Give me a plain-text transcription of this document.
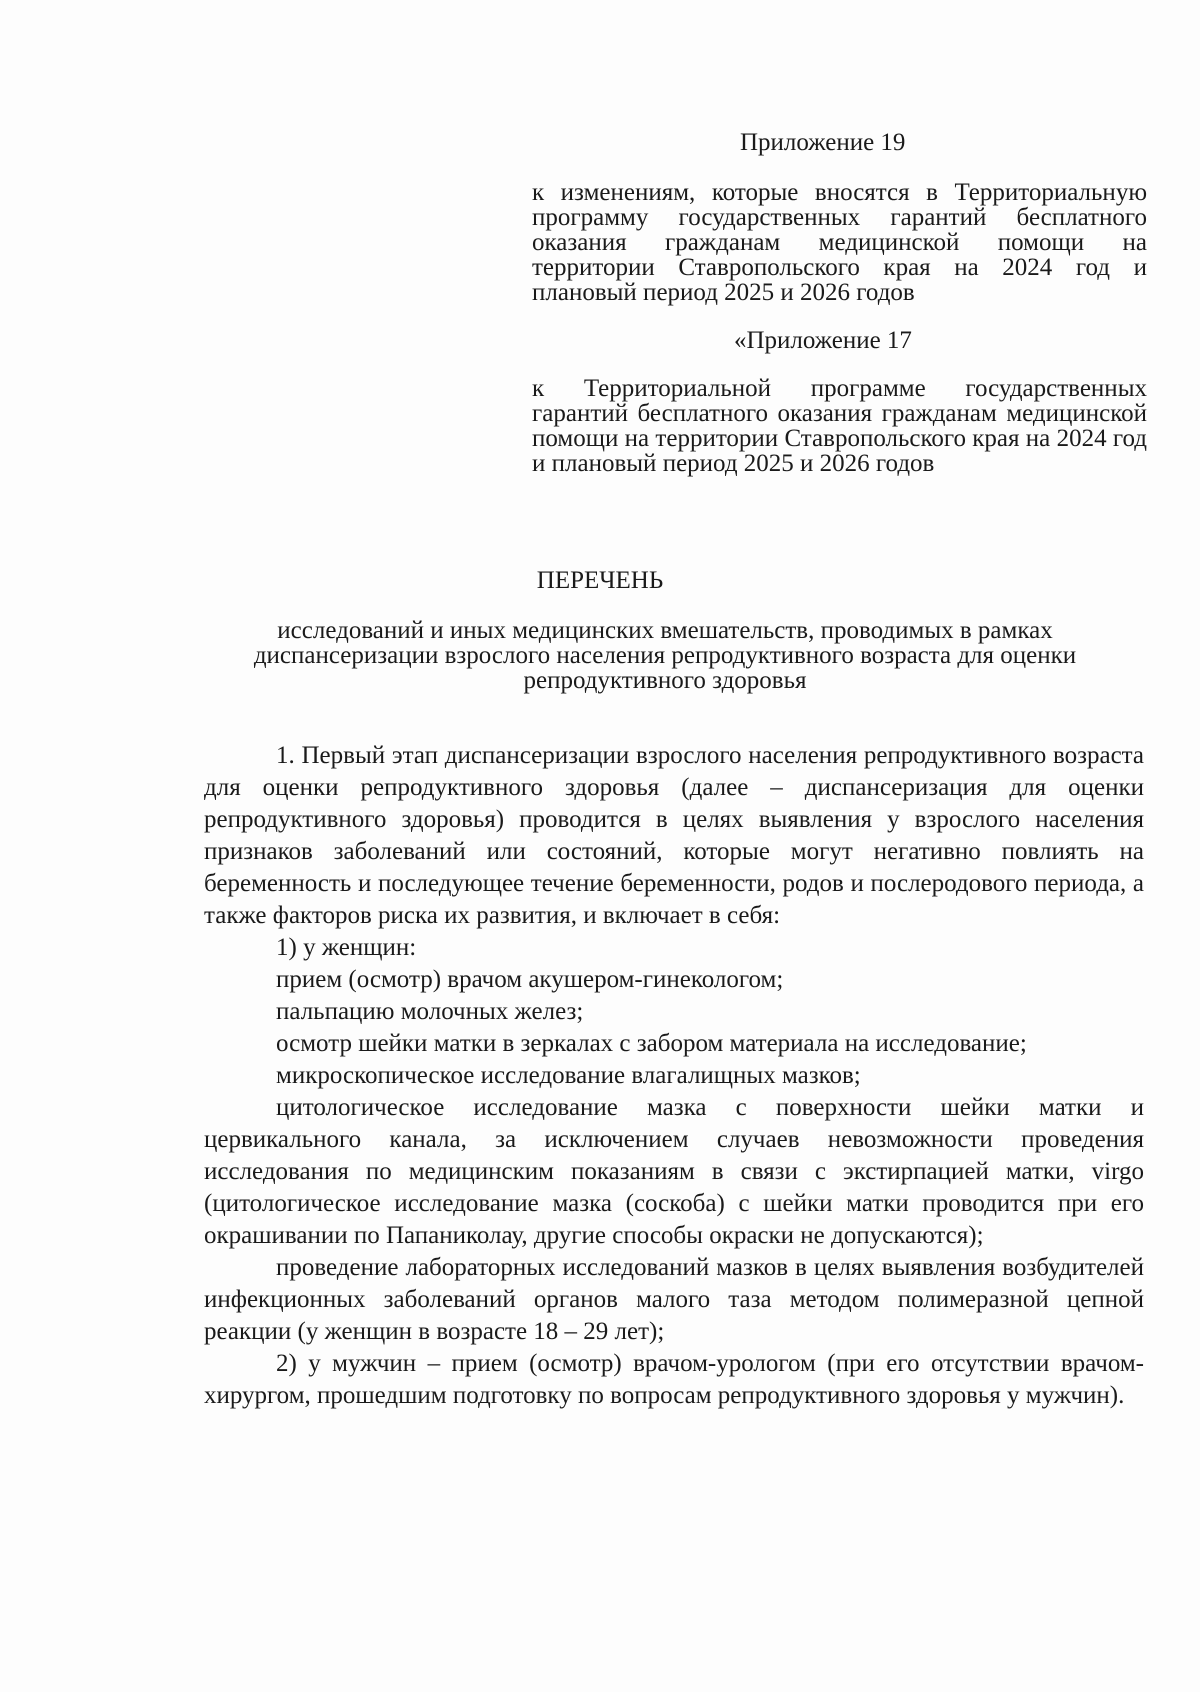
Приложение 19

к изменениям, которые вносятся в Территориальную программу государственных гарантий бесплатного оказания гражданам медицинской помощи на территории Ставропольского края на 2024 год и плановый период 2025 и 2026 годов

«Приложение 17

к Территориальной программе государственных гарантий бесплатного оказания гражданам медицинской помощи на территории Ставропольского края на 2024 год и плановый период 2025 и 2026 годов

ПЕРЕЧЕНЬ

исследований и иных медицинских вмешательств, проводимых в рамках диспансеризации взрослого населения репродуктивного возраста для оценки репродуктивного здоровья

1. Первый этап диспансеризации взрослого населения репродуктивного возраста для оценки репродуктивного здоровья (далее – диспансеризация для оценки репродуктивного здоровья) проводится в целях выявления у взрослого населения признаков заболеваний или состояний, которые могут негативно повлиять на беременность и последующее течение беременности, родов и послеродового периода, а также факторов риска их развития, и включает в себя:

1) у женщин:

прием (осмотр) врачом акушером-гинекологом;

пальпацию молочных желез;

осмотр шейки матки в зеркалах с забором материала на исследование;

микроскопическое исследование влагалищных мазков;

цитологическое исследование мазка с поверхности шейки матки и цервикального канала, за исключением случаев невозможности проведения исследования по медицинским показаниям в связи с экстирпацией матки, virgo (цитологическое исследование мазка (соскоба) с шейки матки проводится при его окрашивании по Папаниколау, другие способы окраски не допускаются);

проведение лабораторных исследований мазков в целях выявления возбудителей инфекционных заболеваний органов малого таза методом полимеразной цепной реакции (у женщин в возрасте 18 – 29 лет);

2) у мужчин – прием (осмотр) врачом-урологом (при его отсутствии врачом-хирургом, прошедшим подготовку по вопросам репродуктивного здоровья у мужчин).
